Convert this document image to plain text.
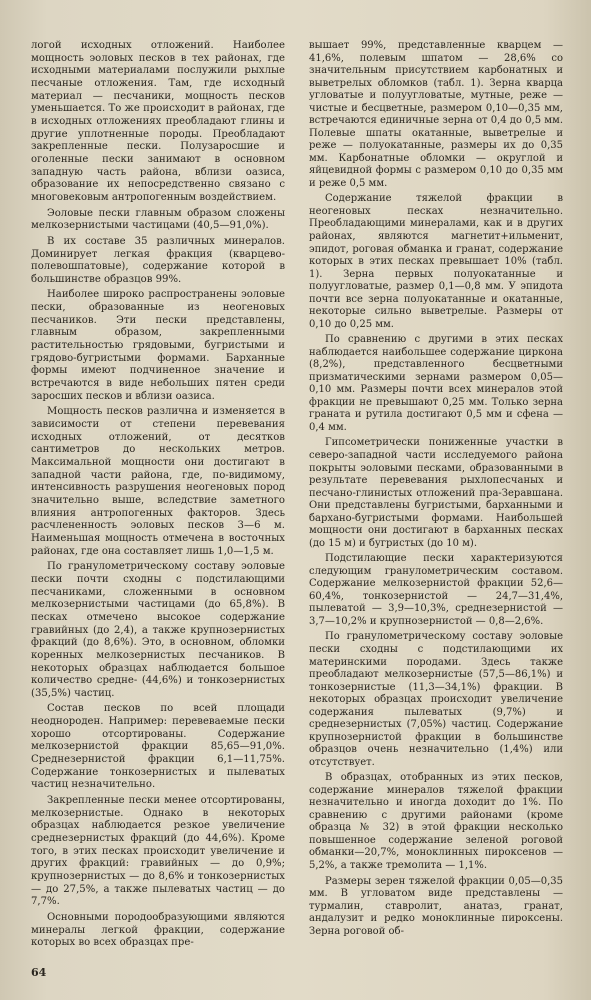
логой исходных отложений. Наиболее мощность эоловых песков в тех районах, где исходными материалами послужили рыхлые песчаные отложения. Там, где исходный материал — песчаники, мощность песков уменьшается. То же происходит в районах, где в исходных отложениях преобладают глины и другие уплотненные породы. Преобладают закрепленные пески. Полузаросшие и оголенные пески занимают в основном западную часть района, вблизи оазиса, образование их непосредственно связано с многовековым антропогенным воздействием.

Эоловые пески главным образом сложены мелкозернистыми частицами (40,5—91,0%).

В их составе 35 различных минералов. Доминирует легкая фракция (кварцево-полевошпатовые), содержание которой в большинстве образцов 99%.

Наиболее широко распространены эоловые пески, образованные из неогеновых песчаников. Эти пески представлены, главным образом, закрепленными растительностью грядовыми, бугристыми и грядово-бугристыми формами. Барханные формы имеют подчиненное значение и встречаются в виде небольших пятен среди заросших песков и вблизи оазиса.

Мощность песков различна и изменяется в зависимости от степени перевевания исходных отложений, от десятков сантиметров до нескольких метров. Максимальной мощности они достигают в западной части района, где, по-видимому, интенсивность разрушения неогеновых пород значительно выше, вследствие заметного влияния антропогенных факторов. Здесь расчлененность эоловых песков 3—6 м. Наименьшая мощность отмечена в восточных районах, где она составляет лишь 1,0—1,5 м.

По гранулометрическому составу эоловые пески почти сходны с подстилающими песчаниками, сложенными в основном мелкозернистыми частицами (до 65,8%). В песках отмечено высокое содержание гравийных (до 2,4), а также крупнозернистых фракций (до 8,6%). Это, в основном, обломки коренных мелкозернистых песчаников. В некоторых образцах наблюдается большое количество средне- (44,6%) и тонкозернистых (35,5%) частиц.

Состав песков по всей площади неоднороден. Например: перевеваемые пески хорошо отсортированы. Содержание мелкозернистой фракции 85,65—91,0%. Среднезернистой фракции 6,1—11,75%. Содержание тонкозернистых и пылеватых частиц незначительно.

Закрепленные пески менее отсортированы, мелкозернистые. Однако в некоторых образцах наблюдается резкое увеличение среднезернистых фракций (до 44,6%). Кроме того, в этих песках происходит увеличение и других фракций: гравийных — до 0,9%; крупнозернистых — до 8,6% и тонкозернистых — до 27,5%, а также пылеватых частиц — до 7,7%.

Основными породообразующими являются минералы легкой фракции, содержание которых во всех образцах пре-

вышает 99%, представленные кварцем — 41,6%, полевым шпатом — 28,6% со значительным присутствием карбонатных и выветрелых обломков (табл. 1). Зерна кварца угловатые и полуугловатые, мутные, реже — чистые и бесцветные, размером 0,10—0,35 мм, встречаются единичные зерна от 0,4 до 0,5 мм. Полевые шпаты окатанные, выветрелые и реже — полуокатанные, размеры их до 0,35 мм. Карбонатные обломки — округлой и яйцевидной формы с размером 0,10 до 0,35 мм и реже 0,5 мм.

Содержание тяжелой фракции в неогеновых песках незначительно. Преобладающими минералами, как и в других районах, являются магнетит+ильменит, эпидот, роговая обманка и гранат, содержание которых в этих песках превышает 10% (табл. 1). Зерна первых полуокатанные и полуугловатые, размер 0,1—0,8 мм. У эпидота почти все зерна полуокатанные и окатанные, некоторые сильно выветрелые. Размеры от 0,10 до 0,25 мм.

По сравнению с другими в этих песках наблюдается наибольшее содержание циркона (8,2%), представленного бесцветными призматическими зернами размером 0,05—0,10 мм. Размеры почти всех минералов этой фракции не превышают 0,25 мм. Только зерна граната и рутила достигают 0,5 мм и сфена — 0,4 мм.

Гипсометрически пониженные участки в северо-западной части исследуемого района покрыты эоловыми песками, образованными в результате перевевания рыхлопесчаных и песчано-глинистых отложений пра-Зеравшана. Они представлены бугристыми, барханными и бархано-бугристыми формами. Наибольшей мощности они достигают в барханных песках (до 15 м) и бугристых (до 10 м).

Подстилающие пески характеризуются следующим гранулометрическим составом. Содержание мелкозернистой фракции 52,6—60,4%, тонкозернистой — 24,7—31,4%, пылеватой — 3,9—10,3%, среднезернистой — 3,7—10,2% и крупнозернистой — 0,8—2,6%.

По гранулометрическому составу эоловые пески сходны с подстилающими их материнскими породами. Здесь также преобладают мелкозернистые (57,5—86,1%) и тонкозернистые (11,3—34,1%) фракции. В некоторых образцах происходит увеличение содержания пылеватых (9,7%) и среднезернистых (7,05%) частиц. Содержание крупнозернистой фракции в большинстве образцов очень незначительно (1,4%) или отсутствует.

В образцах, отобранных из этих песков, содержание минералов тяжелой фракции незначительно и иногда доходит до 1%. По сравнению с другими районами (кроме образца № 32) в этой фракции несколько повышенное содержание зеленой роговой обманки—20,7%, моноклинных пироксенов — 5,2%, а также тремолита — 1,1%.

Размеры зерен тяжелой фракции 0,05—0,35 мм. В угловатом виде представлены — турмалин, ставролит, анатаз, гранат, андалузит и редко моноклинные пироксены. Зерна роговой об-

64
